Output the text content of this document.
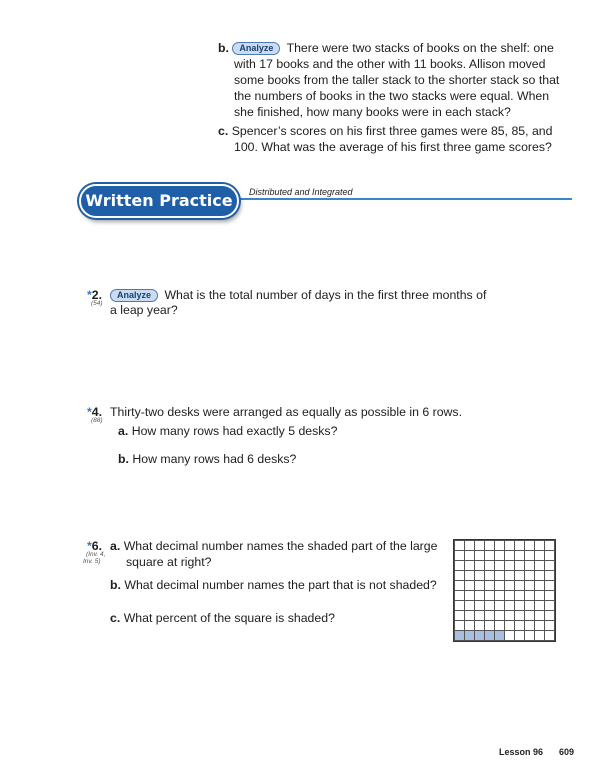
b. Analyze There were two stacks of books on the shelf: one
with 17 books and the other with 11 books. Allison moved
some books from the taller stack to the shorter stack so that
the numbers of books in the two stacks were equal. When
she finished, how many books were in each stack?
c. Spencer’s scores on his first three games were 85, 85, and
100. What was the average of his first three game scores?
Written Practice	Distributed and Integrated
*2.
(54)
Analyze What is the total number of days in the first three months of
a leap year?
*4.
(88)
Thirty-two desks were arranged as equally as possible in 6 rows.
a. How many rows had exactly 5 desks?
b. How many rows had 6 desks?
*6.
(Inv. 4,
Inv. 5)
a. What decimal number names the shaded part of the large
square at right?
b. What decimal number names the part that is not shaded?
c. What percent of the square is shaded?

Lesson 96 609
